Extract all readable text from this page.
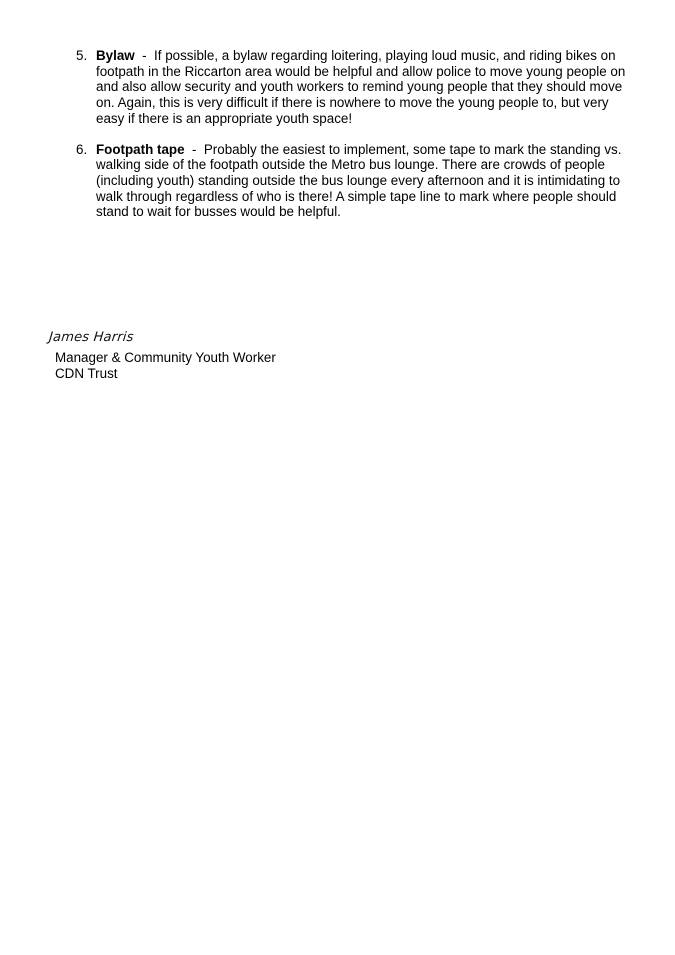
5. Bylaw  -  If possible, a bylaw regarding loitering, playing loud music, and riding bikes on footpath in the Riccarton area would be helpful and allow police to move young people on and also allow security and youth workers to remind young people that they should move on. Again, this is very difficult if there is nowhere to move the young people to, but very easy if there is an appropriate youth space!
6. Footpath tape  -  Probably the easiest to implement, some tape to mark the standing vs. walking side of the footpath outside the Metro bus lounge. There are crowds of people (including youth) standing outside the bus lounge every afternoon and it is intimidating to walk through regardless of who is there! A simple tape line to mark where people should stand to wait for busses would be helpful.
James Harris
Manager & Community Youth Worker
CDN Trust
